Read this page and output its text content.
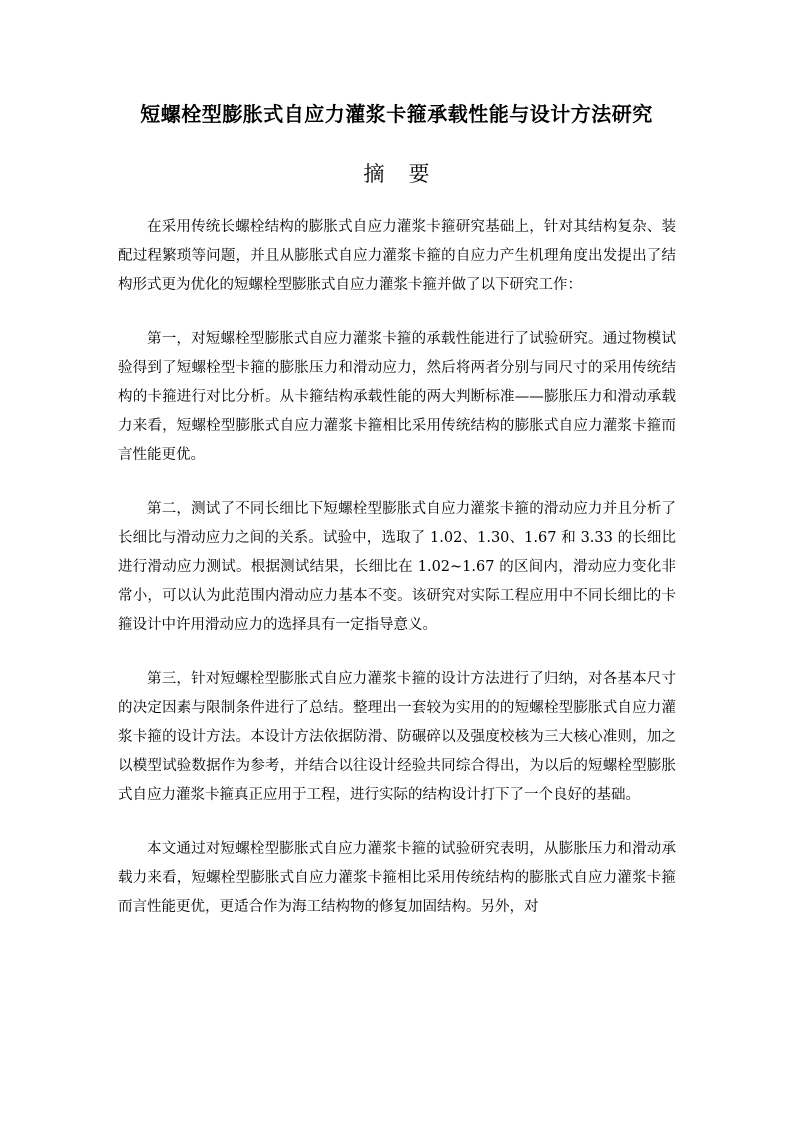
短螺栓型膨胀式自应力灌浆卡箍承载性能与设计方法研究
摘 要

在采用传统长螺栓结构的膨胀式自应力灌浆卡箍研究基础上，针对其结构复杂、装配过程繁琐等问题，并且从膨胀式自应力灌浆卡箍的自应力产生机理角度出发提出了结构形式更为优化的短螺栓型膨胀式自应力灌浆卡箍并做了以下研究工作：

第一，对短螺栓型膨胀式自应力灌浆卡箍的承载性能进行了试验研究。通过物模试验得到了短螺栓型卡箍的膨胀压力和滑动应力，然后将两者分别与同尺寸的采用传统结构的卡箍进行对比分析。从卡箍结构承载性能的两大判断标准——膨胀压力和滑动承载力来看，短螺栓型膨胀式自应力灌浆卡箍相比采用传统结构的膨胀式自应力灌浆卡箍而言性能更优。

第二，测试了不同长细比下短螺栓型膨胀式自应力灌浆卡箍的滑动应力并且分析了长细比与滑动应力之间的关系。试验中，选取了 1.02、1.30、1.67 和 3.33 的长细比进行滑动应力测试。根据测试结果，长细比在 1.02~1.67 的区间内，滑动应力变化非常小，可以认为此范围内滑动应力基本不变。该研究对实际工程应用中不同长细比的卡箍设计中许用滑动应力的选择具有一定指导意义。

第三，针对短螺栓型膨胀式自应力灌浆卡箍的设计方法进行了归纳，对各基本尺寸的决定因素与限制条件进行了总结。整理出一套较为实用的的短螺栓型膨胀式自应力灌浆卡箍的设计方法。本设计方法依据防滑、防碾碎以及强度校核为三大核心准则，加之以模型试验数据作为参考，并结合以往设计经验共同综合得出，为以后的短螺栓型膨胀式自应力灌浆卡箍真正应用于工程，进行实际的结构设计打下了一个良好的基础。

本文通过对短螺栓型膨胀式自应力灌浆卡箍的试验研究表明，从膨胀压力和滑动承载力来看，短螺栓型膨胀式自应力灌浆卡箍相比采用传统结构的膨胀式自应力灌浆卡箍而言性能更优，更适合作为海工结构物的修复加固结构。另外，对
